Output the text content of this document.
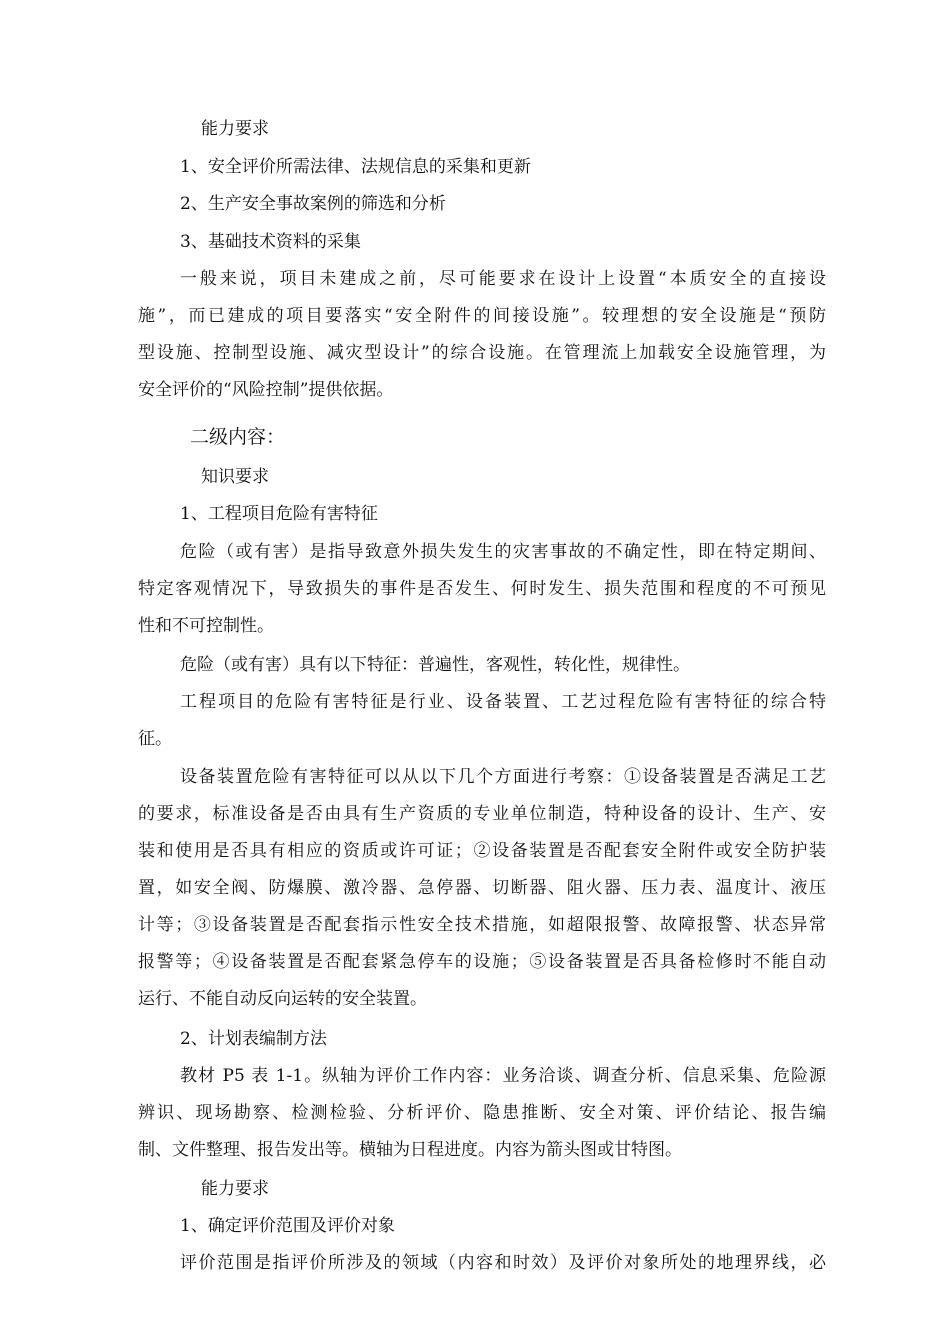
能力要求
1、安全评价所需法律、法规信息的采集和更新
2、生产安全事故案例的筛选和分析
3、基础技术资料的采集
一般来说，项目未建成之前，尽可能要求在设计上设置“本质安全的直接设
施”，而已建成的项目要落实“安全附件的间接设施”。较理想的安全设施是“预防
型设施、控制型设施、减灾型设计”的综合设施。在管理流上加载安全设施管理，为
安全评价的“风险控制”提供依据。
二级内容：
知识要求
1、工程项目危险有害特征
危险（或有害）是指导致意外损失发生的灾害事故的不确定性，即在特定期间、
特定客观情况下，导致损失的事件是否发生、何时发生、损失范围和程度的不可预见
性和不可控制性。
危险（或有害）具有以下特征：普遍性，客观性，转化性，规律性。
工程项目的危险有害特征是行业、设备装置、工艺过程危险有害特征的综合特
征。
设备装置危险有害特征可以从以下几个方面进行考察：①设备装置是否满足工艺
的要求，标准设备是否由具有生产资质的专业单位制造，特种设备的设计、生产、安
装和使用是否具有相应的资质或许可证；②设备装置是否配套安全附件或安全防护装
置，如安全阀、防爆膜、激冷器、急停器、切断器、阻火器、压力表、温度计、液压
计等；③设备装置是否配套指示性安全技术措施，如超限报警、故障报警、状态异常
报警等；④设备装置是否配套紧急停车的设施；⑤设备装置是否具备检修时不能自动
运行、不能自动反向运转的安全装置。
2、计划表编制方法
教材 P5 表 1-1。纵轴为评价工作内容：业务洽谈、调查分析、信息采集、危险源
辨识、现场勘察、检测检验、分析评价、隐患推断、安全对策、评价结论、报告编
制、文件整理、报告发出等。横轴为日程进度。内容为箭头图或甘特图。
能力要求
1、确定评价范围及评价对象
评价范围是指评价所涉及的领域（内容和时效）及评价对象所处的地理界线，必
